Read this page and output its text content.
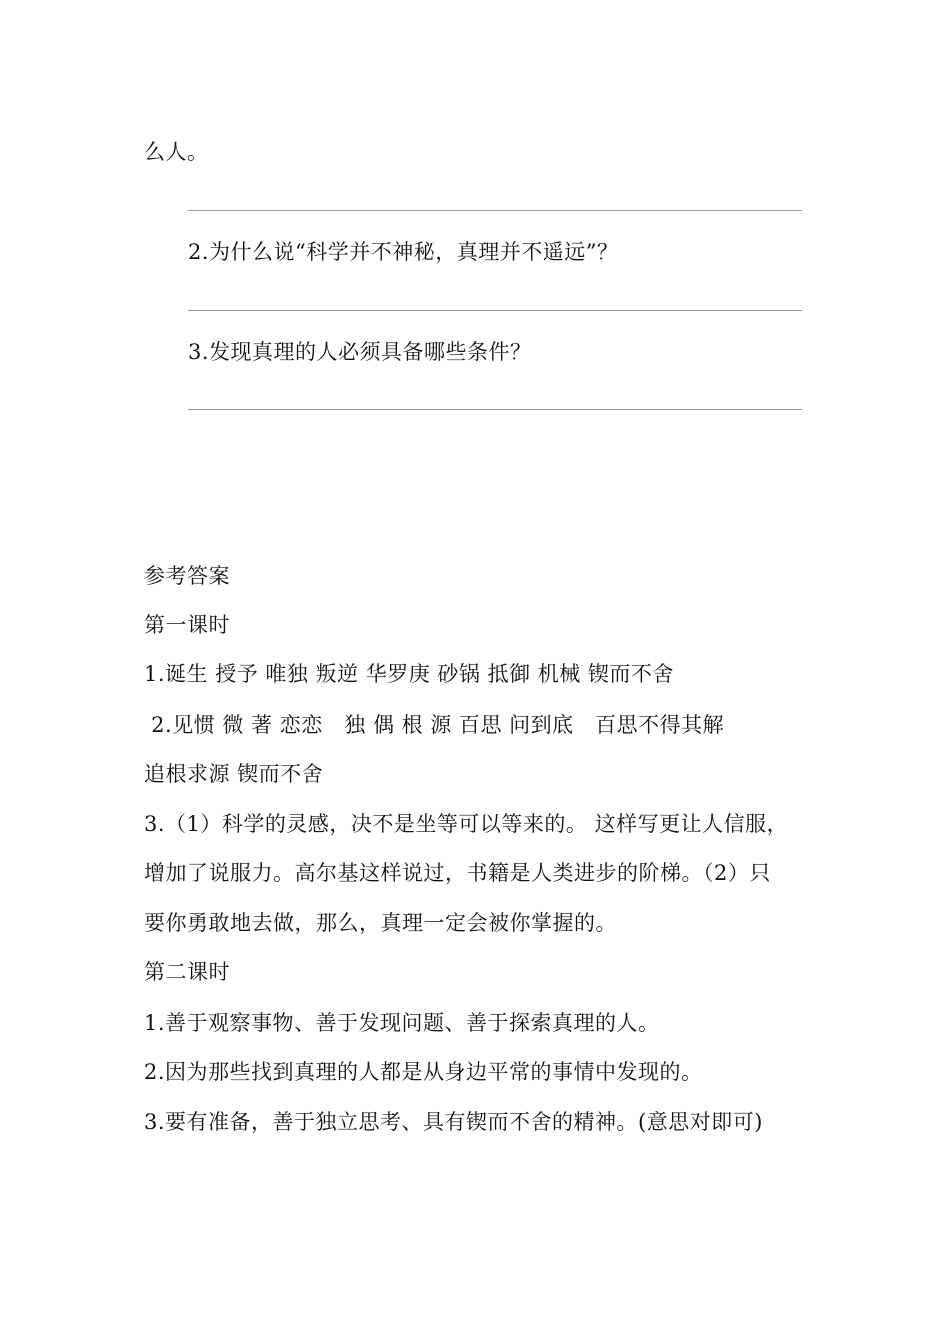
么人。
2.为什么说“科学并不神秘，真理并不遥远”？
3.发现真理的人必须具备哪些条件？
参考答案
第一课时
1.诞生 授予 唯独 叛逆 华罗庚 砂锅 抵御 机械 锲而不舍
2.见惯 微 著 恋恋   独 偶 根 源 百思 问到底   百思不得其解
追根求源 锲而不舍
3.（1）科学的灵感，决不是坐等可以等来的。 这样写更让人信服，
增加了说服力。高尔基这样说过，书籍是人类进步的阶梯。（2）只
要你勇敢地去做，那么，真理一定会被你掌握的。
第二课时
1.善于观察事物、善于发现问题、善于探索真理的人。
2.因为那些找到真理的人都是从身边平常的事情中发现的。
3.要有准备，善于独立思考、具有锲而不舍的精神。(意思对即可)
